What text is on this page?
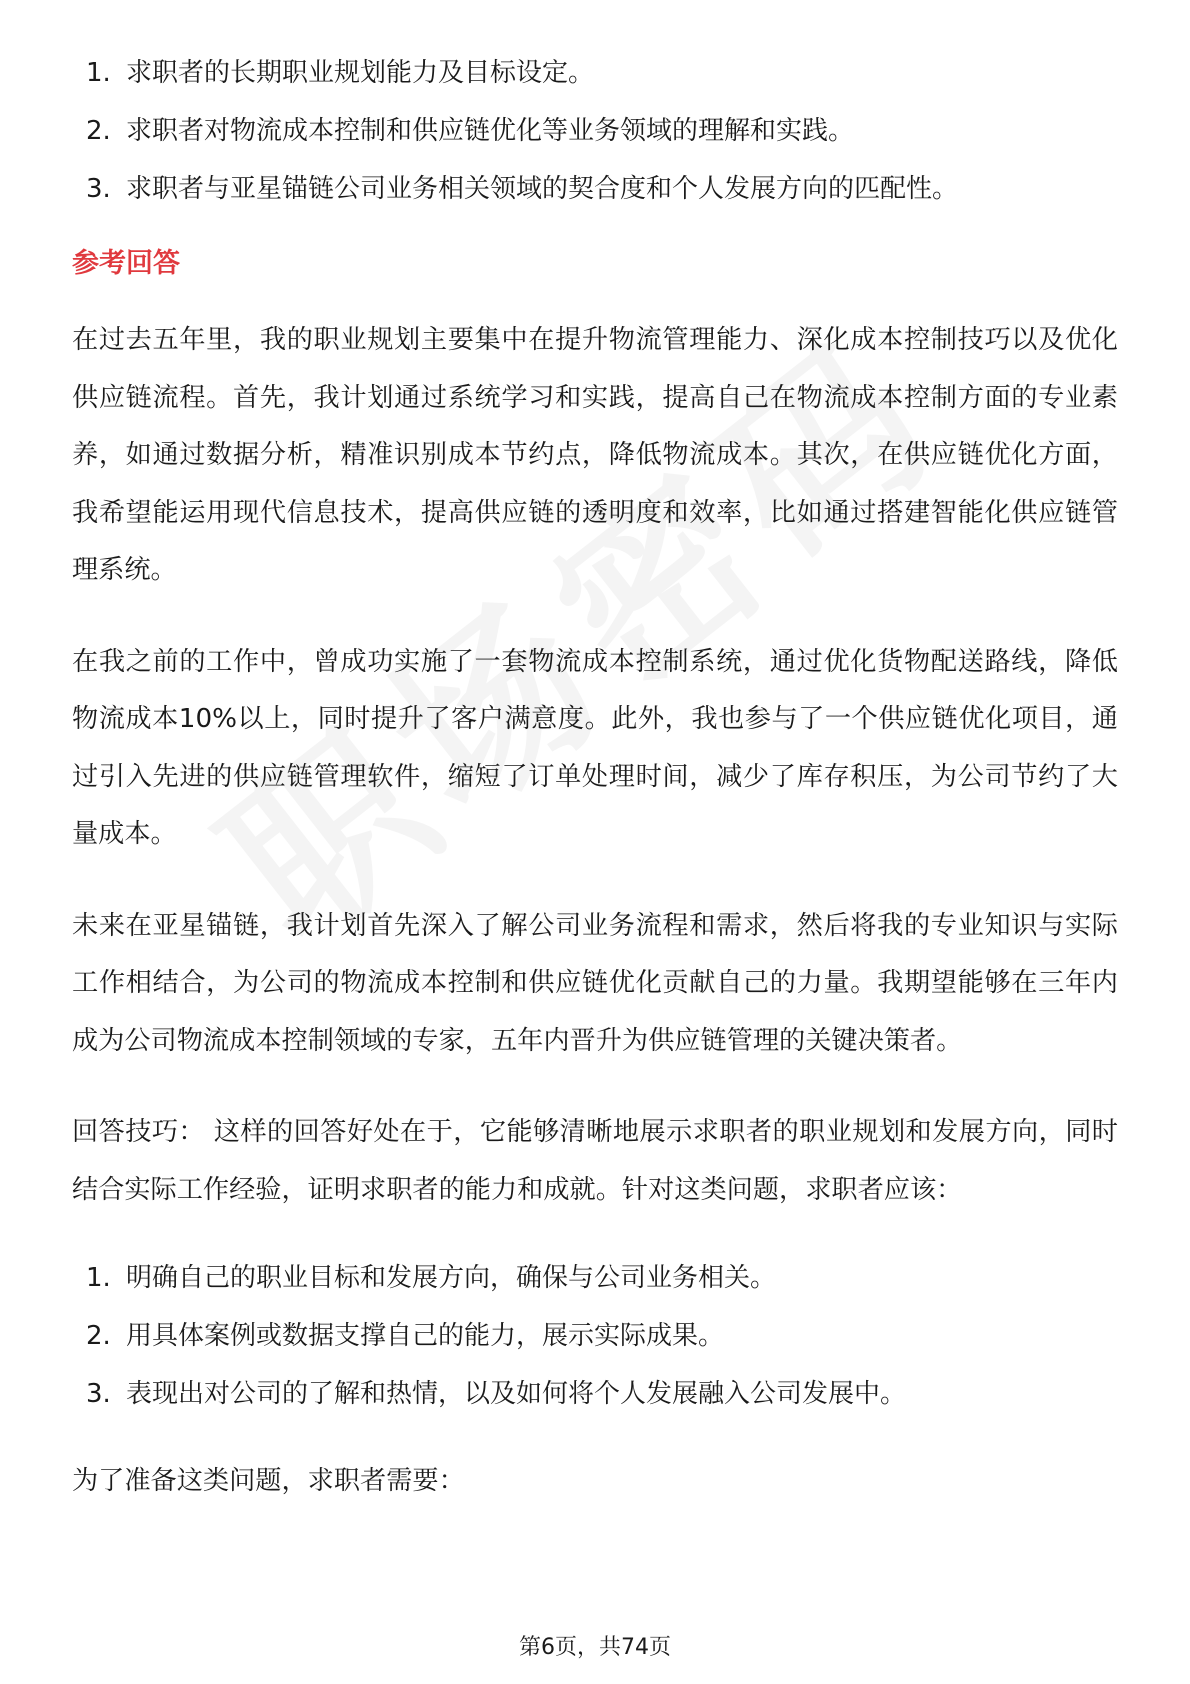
1. 求职者的长期职业规划能力及目标设定。
2. 求职者对物流成本控制和供应链优化等业务领域的理解和实践。
3. 求职者与亚星锚链公司业务相关领域的契合度和个人发展方向的匹配性。
参考回答

在过去五年里，我的职业规划主要集中在提升物流管理能力、深化成本控制技巧以及优化供应链流程。首先，我计划通过系统学习和实践，提高自己在物流成本控制方面的专业素养，如通过数据分析，精准识别成本节约点，降低物流成本。其次，在供应链优化方面，我希望能运用现代信息技术，提高供应链的透明度和效率，比如通过搭建智能化供应链管理系统。

在我之前的工作中，曾成功实施了一套物流成本控制系统，通过优化货物配送路线，降低物流成本10%以上，同时提升了客户满意度。此外，我也参与了一个供应链优化项目，通过引入先进的供应链管理软件，缩短了订单处理时间，减少了库存积压，为公司节约了大量成本。

未来在亚星锚链，我计划首先深入了解公司业务流程和需求，然后将我的专业知识与实际工作相结合，为公司的物流成本控制和供应链优化贡献自己的力量。我期望能够在三年内成为公司物流成本控制领域的专家，五年内晋升为供应链管理的关键决策者。

回答技巧： 这样的回答好处在于，它能够清晰地展示求职者的职业规划和发展方向，同时结合实际工作经验，证明求职者的能力和成就。针对这类问题，求职者应该：

1. 明确自己的职业目标和发展方向，确保与公司业务相关。
2. 用具体案例或数据支撑自己的能力，展示实际成果。
3. 表现出对公司的了解和热情，以及如何将个人发展融入公司发展中。

为了准备这类问题，求职者需要：

第6页，共74页
